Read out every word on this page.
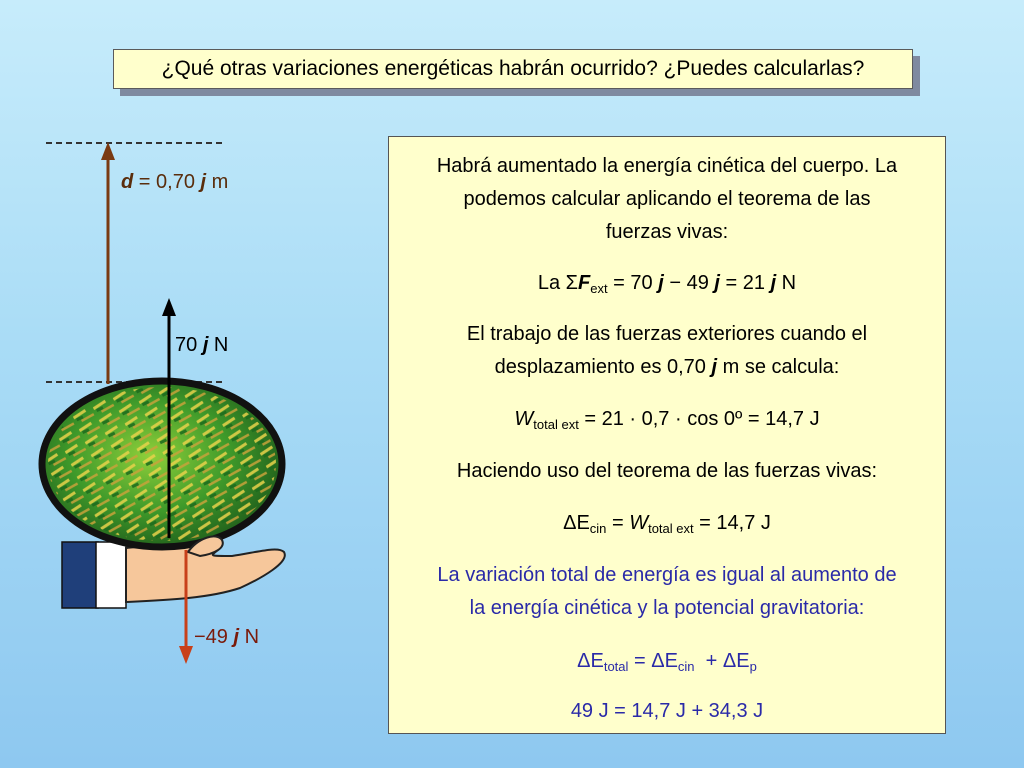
¿Qué otras variaciones energéticas habrán ocurrido? ¿Puedes calcularlas?
d = 0,70 j m
70 j N
−49 j N
Habrá aumentado la energía cinética del cuerpo. La
podemos calcular aplicando el teorema de las
fuerzas vivas:
La $\Sigma F_{ext} = 70$ j − 49 j = 21 j N
El trabajo de las fuerzas exteriores cuando el
desplazamiento es 0,70 j m se calcula:
$W_{total ext} = 21 \cdot 0,7 \cdot \cos$ 0º = 14,7 J
Haciendo uso del teorema de las fuerzas vivas:
$\Delta E_{cin} = W_{total ext} = 14,7$ J
La variación total de energía es igual al aumento de
la energía cinética y la potencial gravitatoria:
$\Delta E_{total} = \Delta E_{cin} + \Delta E_p$
49 J = 14,7 J + 34,3 J
